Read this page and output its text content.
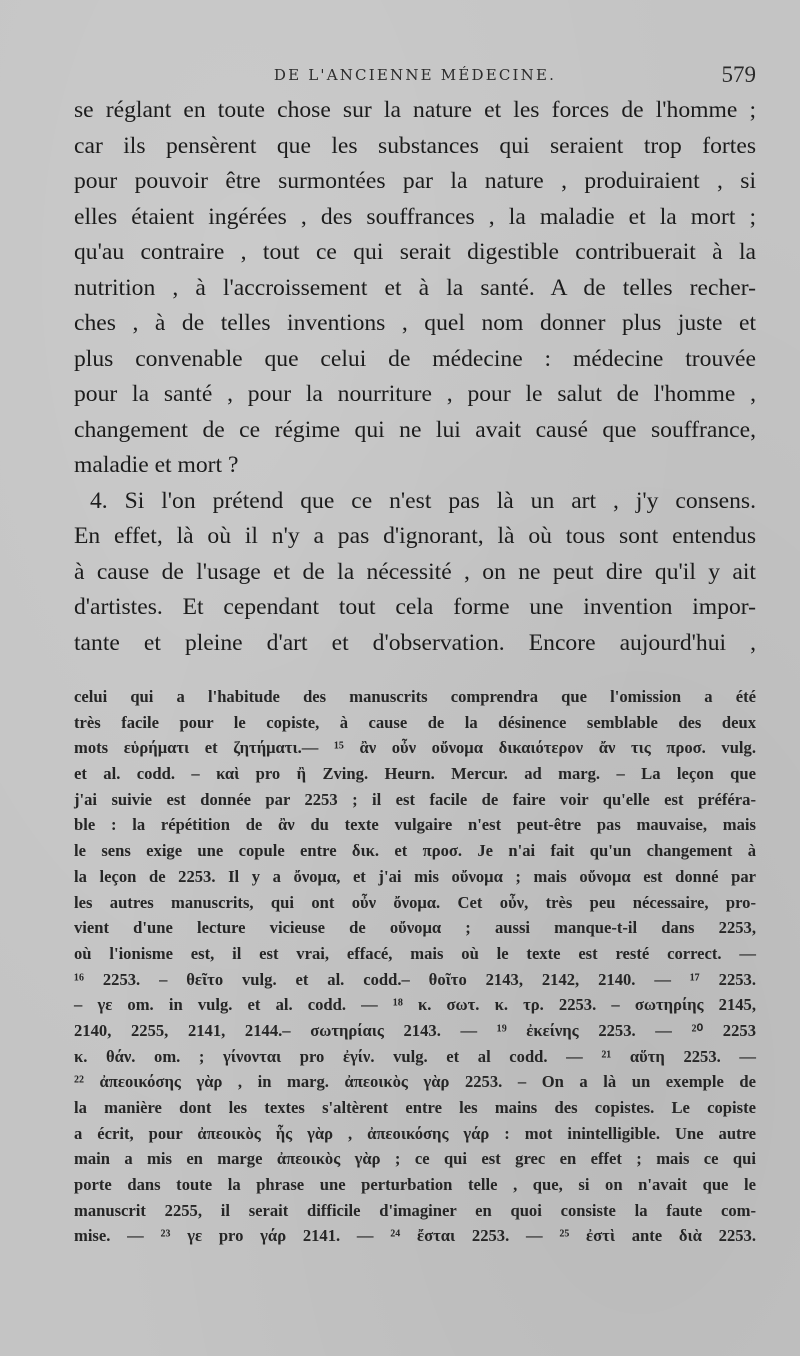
DE L'ANCIENNE MÉDECINE.	579
se réglant en toute chose sur la nature et les forces de l'homme ;
car ils pensèrent que les substances qui seraient trop fortes
pour pouvoir être surmontées par la nature , produiraient , si
elles étaient ingérées , des souffrances , la maladie et la mort ;
qu'au contraire , tout ce qui serait digestible contribuerait à la
nutrition , à l'accroissement et à la santé. A de telles recher-
ches , à de telles inventions , quel nom donner plus juste et
plus convenable que celui de médecine : médecine trouvée
pour la santé , pour la nourriture , pour le salut de l'homme ,
changement de ce régime qui ne lui avait causé que souffrance,
maladie et mort ?
4. Si l'on prétend que ce n'est pas là un art , j'y consens.
En effet, là où il n'y a pas d'ignorant, là où tous sont entendus
à cause de l'usage et de la nécessité , on ne peut dire qu'il y ait
d'artistes. Et cependant tout cela forme une invention impor-
tante et pleine d'art et d'observation. Encore aujourd'hui ,
celui qui a l'habitude des manuscrits comprendra que l'omission a été
très facile pour le copiste, à cause de la désinence semblable des deux
mots εὑρήματι et ζητήματι.— ¹⁵ ἂν οὖν οὔνομα δικαιότερον ἄν τις προσ. vulg.
et al. codd. – καὶ pro ἢ Zving. Heurn. Mercur. ad marg. – La leçon que
j'ai suivie est donnée par 2253 ; il est facile de faire voir qu'elle est préféra-
ble : la répétition de ἂν du texte vulgaire n'est peut-être pas mauvaise, mais
le sens exige une copule entre δικ. et προσ. Je n'ai fait qu'un changement à
la leçon de 2253. Il y a ὄνομα, et j'ai mis οὔνομα ; mais οὔνομα est donné par
les autres manuscrits, qui ont οὖν ὄνομα. Cet οὖν, très peu nécessaire, pro-
vient d'une lecture vicieuse de οὔνομα ; aussi manque-t-il dans 2253,
où l'ionisme est, il est vrai, effacé, mais où le texte est resté correct. —
¹⁶ 2253. – θεῖτο vulg. et al. codd.– θοῖτο 2143, 2142, 2140. — ¹⁷ 2253.
– γε om. in vulg. et al. codd. — ¹⁸ κ. σωτ. κ. τρ. 2253. – σωτηρίης 2145,
2140, 2255, 2141, 2144.– σωτηρίαις 2143. — ¹⁹ ἐκείνης 2253. — ²⁰ 2253
κ. θάν. om. ; γίνονται pro ἐγίν. vulg. et al codd. — ²¹ αὕτη 2253. —
²² ἀπεοικόσης γὰρ , in marg. ἀπεοικὸς γὰρ 2253. – On a là un exemple de
la manière dont les textes s'altèrent entre les mains des copistes. Le copiste
a écrit, pour ἀπεοικὸς ἧς γὰρ , ἀπεοικόσης γάρ : mot inintelligible. Une autre
main a mis en marge ἀπεοικὸς γὰρ ; ce qui est grec en effet ; mais ce qui
porte dans toute la phrase une perturbation telle , que, si on n'avait que le
manuscrit 2255, il serait difficile d'imaginer en quoi consiste la faute com-
mise. — ²³ γε pro γάρ 2141. — ²⁴ ἔσται 2253. — ²⁵ ἐστὶ ante διὰ 2253.
